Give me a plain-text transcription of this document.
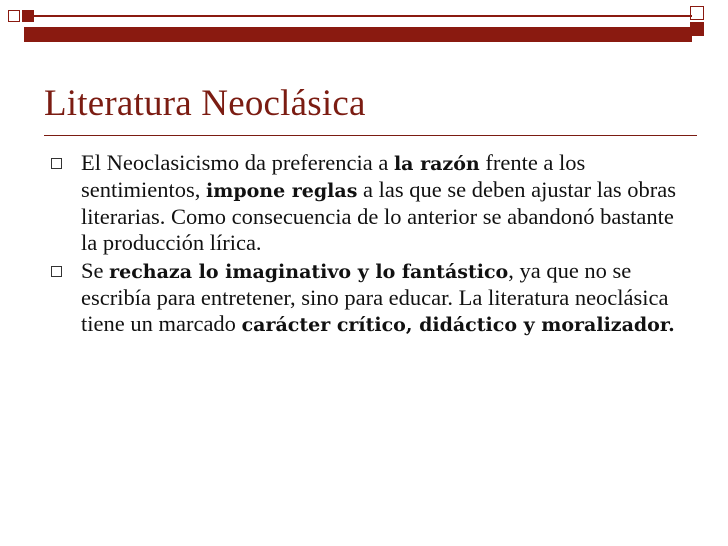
Literatura Neoclásica
El Neoclasicismo da preferencia a la razón frente a los sentimientos, impone reglas a las que se deben ajustar las obras literarias. Como consecuencia de lo anterior se abandonó bastante la producción lírica.
Se rechaza lo imaginativo y lo fantástico, ya que no se escribía para entretener, sino para educar. La literatura neoclásica tiene un marcado carácter crítico, didáctico y moralizador.
